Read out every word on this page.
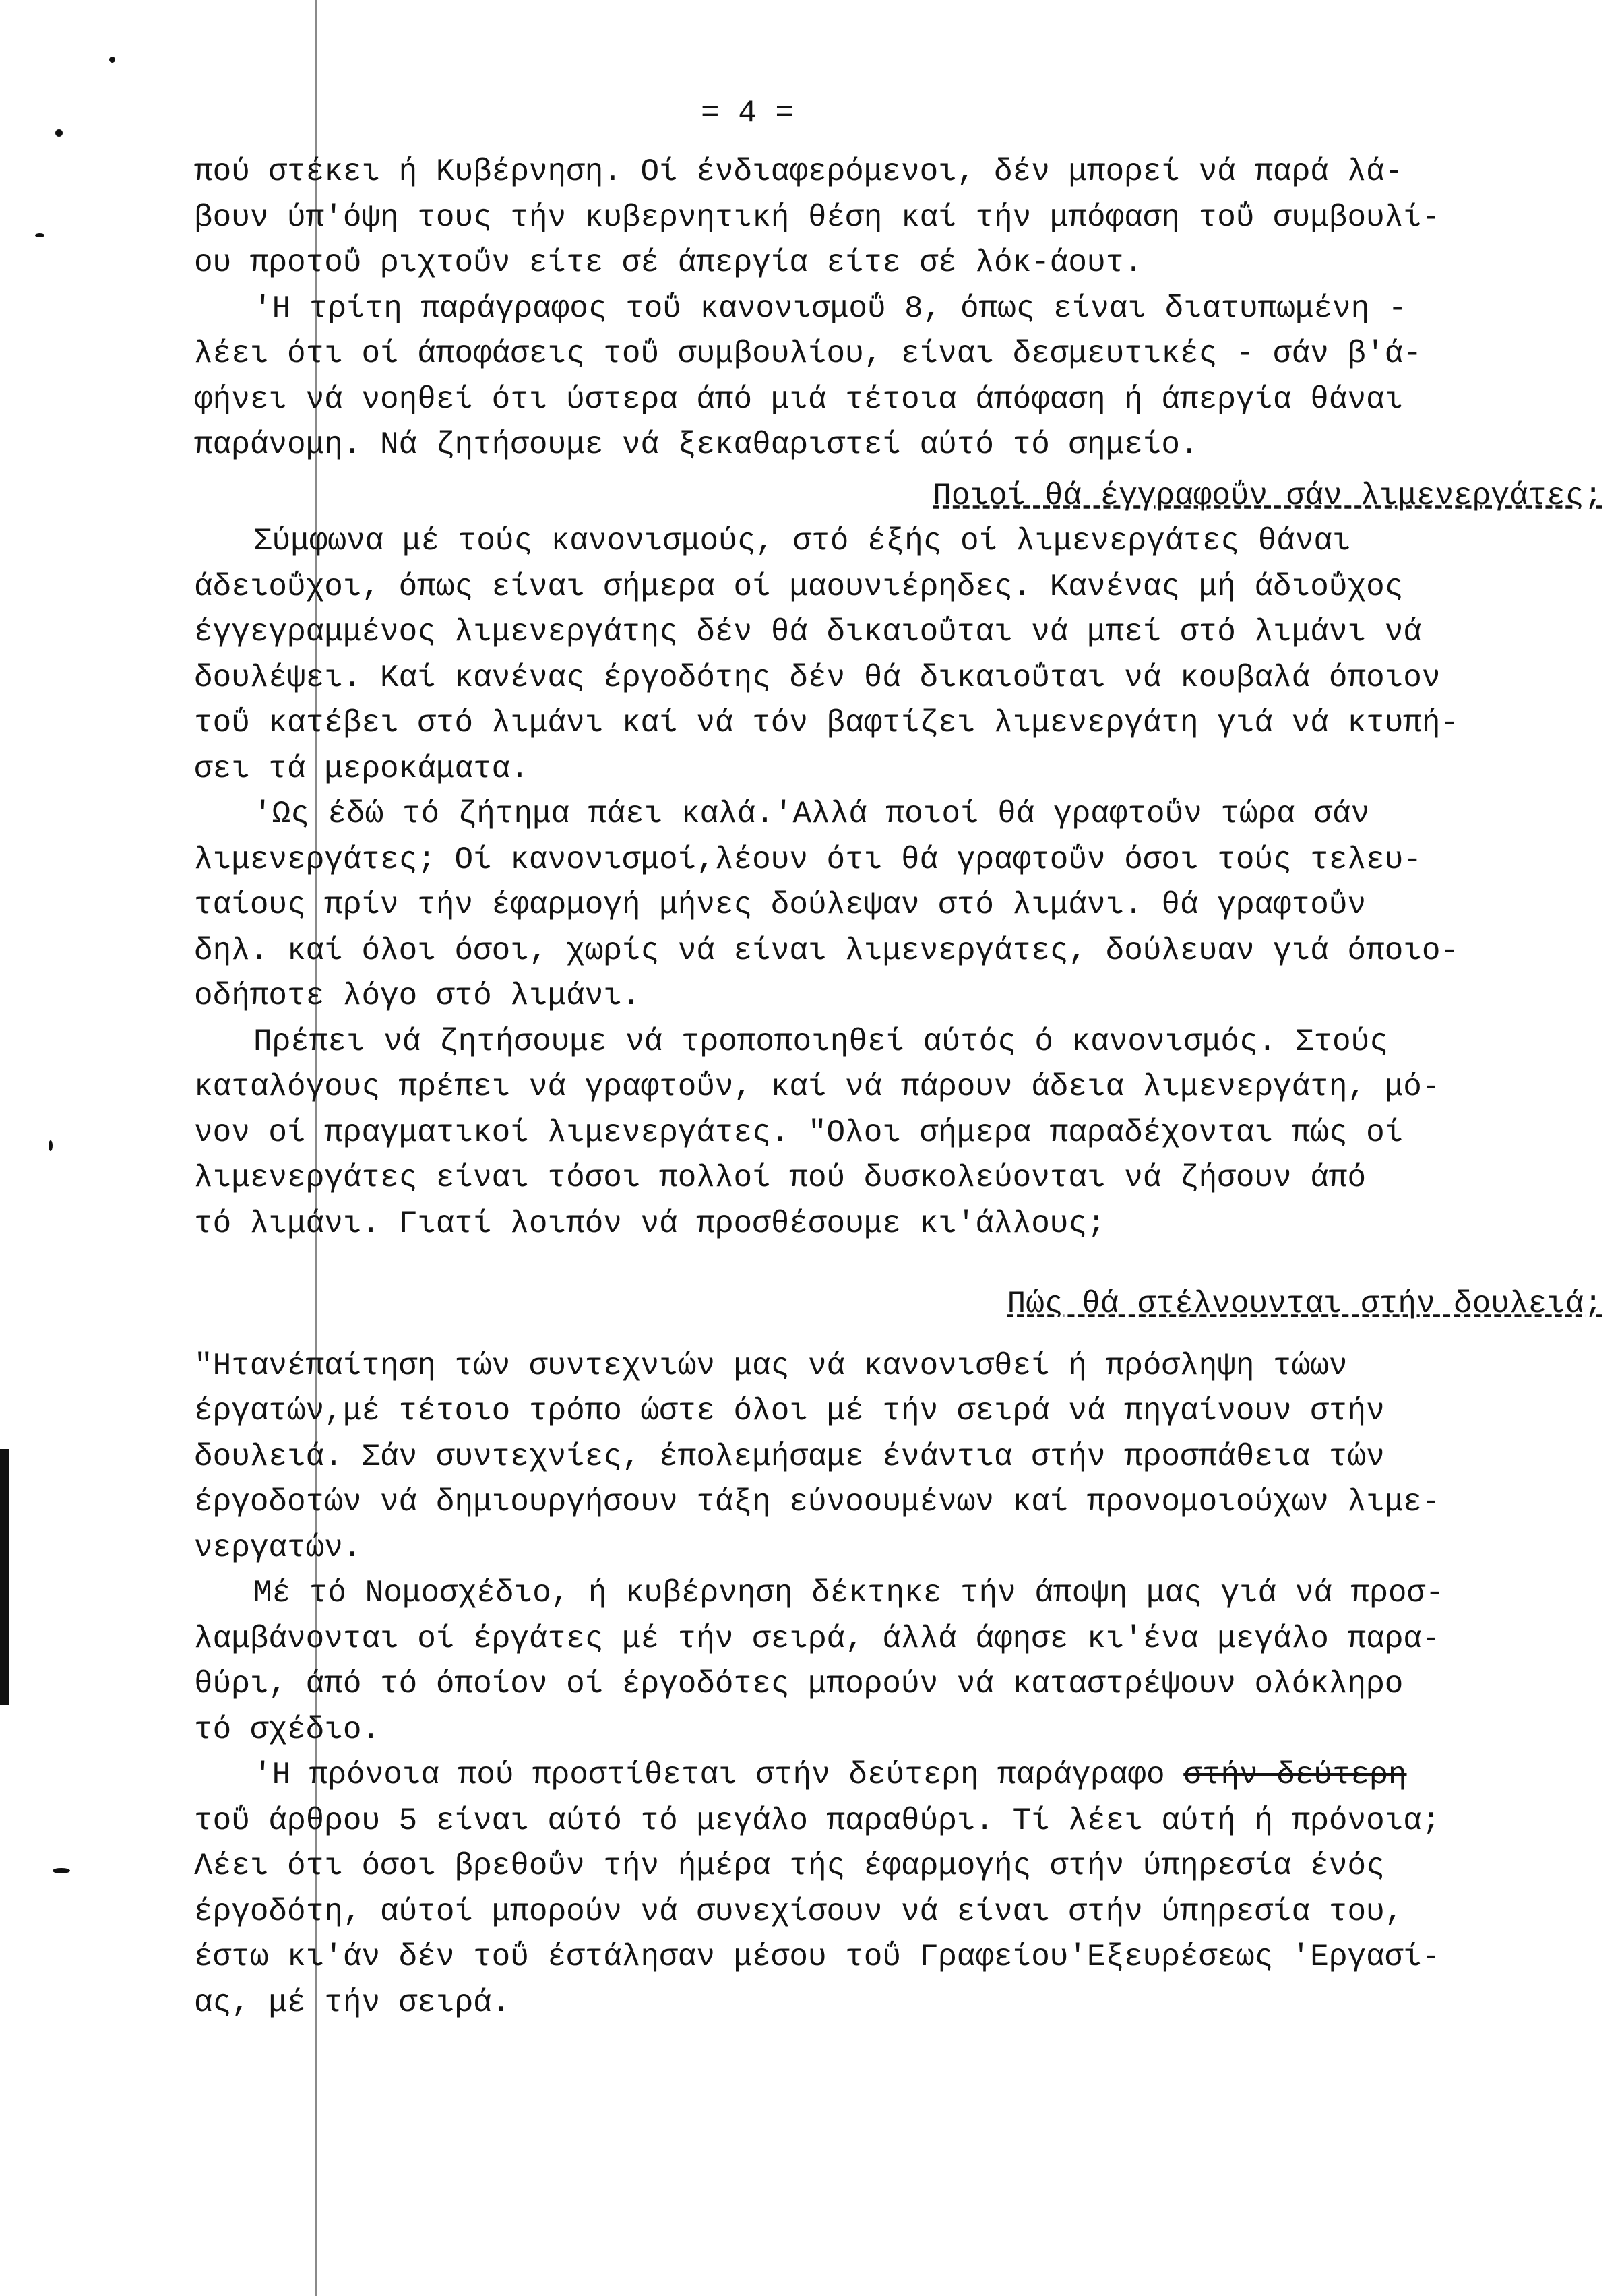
= 4 =

πού στέκει ή Κυβέρνηση. Οί ένδιαφερόμενοι, δέν μπορεί νά παρά λά-
βουν ύπ'όψη τους τήν κυβερνητική θέση καί τήν μπόφαση τοΰ συμβουλί-
ου προτοΰ ριχτοΰν είτε σέ άπεργία είτε σέ λόκ-άουτ.

'Η τρίτη παράγραφος τοΰ κανονισμοΰ 8, όπως είναι διατυπωμένη -
λέει ότι οί άποφάσεις τοΰ συμβουλίου, είναι δεσμευτικές - σάν β'ά-
φήνει νά νοηθεί ότι ύστερα άπό μιά τέτοια άπόφαση ή άπεργία θάναι
παράνομη. Νά ζητήσουμε νά ξεκαθαριστεί αύτό τό σημείο.

Ποιοί θά έγγραφοΰν σάν λιμενεργάτες;

Σύμφωνα μέ τούς κανονισμούς, στό έξής οί λιμενεργάτες θάναι
άδειοΰχοι, όπως είναι σήμερα οί μαουνιέρηδες. Κανένας μή άδιοΰχος
έγγεγραμμένος λιμενεργάτης δέν θά δικαιοΰται νά μπεί στό λιμάνι νά
δουλέψει. Καί κανένας έργοδότης δέν θά δικαιοΰται νά κουβαλά όποιον
τοΰ κατέβει στό λιμάνι καί νά τόν βαφτίζει λιμενεργάτη γιά νά κτυπή-
σει τά μεροκάματα.

'Ως έδώ τό ζήτημα πάει καλά.'Αλλά ποιοί θά γραφτοΰν τώρα σάν
λιμενεργάτες; Οί κανονισμοί,λέουν ότι θά γραφτοΰν όσοι τούς τελευ-
ταίους πρίν τήν έφαρμογή μήνες δούλεψαν στό λιμάνι. θά γραφτοΰν
δηλ. καί όλοι όσοι, χωρίς νά είναι λιμενεργάτες, δούλευαν γιά όποιο-
οδήποτε λόγο στό λιμάνι.

Πρέπει νά ζητήσουμε νά τροποποιηθεί αύτός ό κανονισμός. Στούς
καταλόγους πρέπει νά γραφτοΰν, καί νά πάρουν άδεια λιμενεργάτη, μό-
νον οί πραγματικοί λιμενεργάτες. "Ολοι σήμερα παραδέχονται πώς οί
λιμενεργάτες είναι τόσοι πολλοί πού δυσκολεύονται νά ζήσουν άπό
τό λιμάνι. Γιατί λοιπόν νά προσθέσουμε κι'άλλους;

Πώς θά στέλνουνται στήν δουλειά;

"Ητανέπαίτηση τών συντεχνιών μας νά κανονισθεί ή πρόσληψη τώων
έργατών,μέ τέτοιο τρόπο ώστε όλοι μέ τήν σειρά νά πηγαίνουν στήν
δουλειά. Σάν συντεχνίες, έπολεμήσαμε ένάντια στήν προσπάθεια τών
έργοδοτών νά δημιουργήσουν τάξη εύνοουμένων καί προνομοιούχων λιμε-
νεργατών.

Μέ τό Νομοσχέδιο, ή κυβέρνηση δέκτηκε τήν άποψη μας γιά νά προσ-
λαμβάνονται οί έργάτες μέ τήν σειρά, άλλά άφησε κι'ένα μεγάλο παρα-
θύρι, άπό τό όποίον οί έργοδότες μπορούν νά καταστρέψουν ολόκληρο
τό σχέδιο.

'Η πρόνοια πού προστίθεται στήν δεύτερη παράγραφο στήν δεύτερη
τοΰ άρθρου 5 είναι αύτό τό μεγάλο παραθύρι. Τί λέει αύτή ή πρόνοια;
Λέει ότι όσοι βρεθοΰν τήν ήμέρα τής έφαρμογής στήν ύπηρεσία ένός
έργοδότη, αύτοί μπορούν νά συνεχίσουν νά είναι στήν ύπηρεσία του,
έστω κι'άν δέν τοΰ έστάλησαν μέσου τοΰ Γραφείου'Εξευρέσεως 'Εργασί-
ας, μέ τήν σειρά.
